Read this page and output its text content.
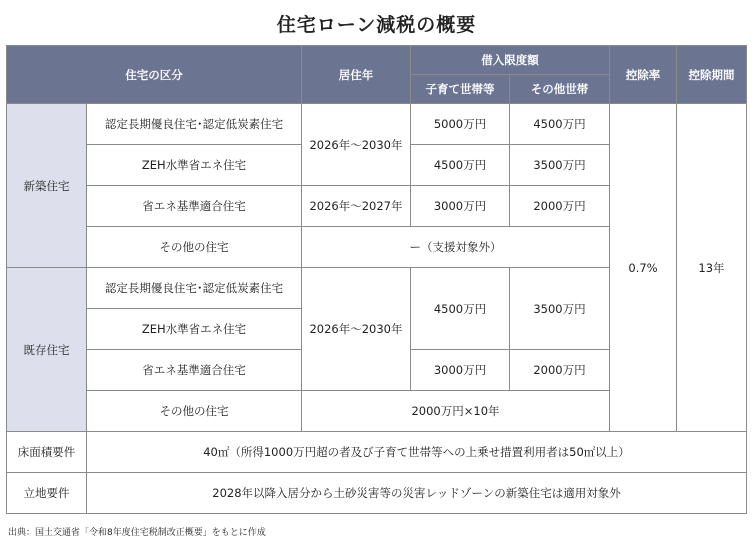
住宅ローン減税の概要
住宅の区分		居住年	借入限度額		控除率	控除期間
			子育て世帯等	その他世帯		
新築住宅	認定長期優良住宅･認定低炭素住宅	2026年～2030年	5000万円	4500万円	0.7%	13年
	ZEH水準省エネ住宅		4500万円	3500万円		
	省エネ基準適合住宅	2026年～2027年	3000万円	2000万円		
	その他の住宅	ー（支援対象外）				
既存住宅	認定長期優良住宅･認定低炭素住宅	2026年～2030年	4500万円	3500万円		
	ZEH水準省エネ住宅					
	省エネ基準適合住宅		3000万円	2000万円		
	その他の住宅	2000万円×10年				
床面積要件	40㎡（所得1000万円超の者及び子育て世帯等への上乗せ措置利用者は50㎡以上）					
立地要件	2028年以降入居分から土砂災害等の災害レッドゾーンの新築住宅は適用対象外					
出典：国土交通省「令和8年度住宅税制改正概要」をもとに作成
